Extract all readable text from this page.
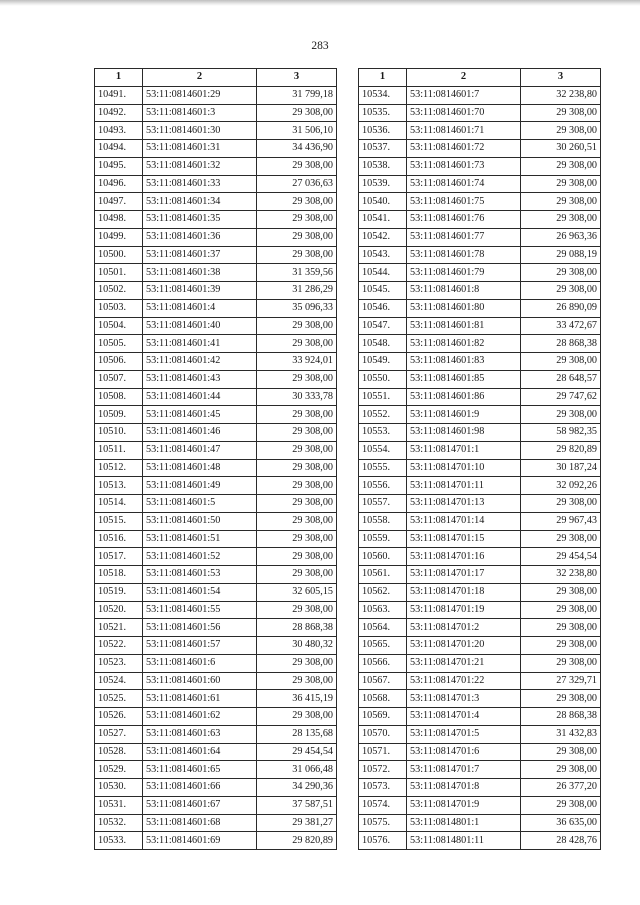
283
1	2	3
10491.	53:11:0814601:29	31 799,18
10492.	53:11:0814601:3	29 308,00
10493.	53:11:0814601:30	31 506,10
10494.	53:11:0814601:31	34 436,90
10495.	53:11:0814601:32	29 308,00
10496.	53:11:0814601:33	27 036,63
10497.	53:11:0814601:34	29 308,00
10498.	53:11:0814601:35	29 308,00
10499.	53:11:0814601:36	29 308,00
10500.	53:11:0814601:37	29 308,00
10501.	53:11:0814601:38	31 359,56
10502.	53:11:0814601:39	31 286,29
10503.	53:11:0814601:4	35 096,33
10504.	53:11:0814601:40	29 308,00
10505.	53:11:0814601:41	29 308,00
10506.	53:11:0814601:42	33 924,01
10507.	53:11:0814601:43	29 308,00
10508.	53:11:0814601:44	30 333,78
10509.	53:11:0814601:45	29 308,00
10510.	53:11:0814601:46	29 308,00
10511.	53:11:0814601:47	29 308,00
10512.	53:11:0814601:48	29 308,00
10513.	53:11:0814601:49	29 308,00
10514.	53:11:0814601:5	29 308,00
10515.	53:11:0814601:50	29 308,00
10516.	53:11:0814601:51	29 308,00
10517.	53:11:0814601:52	29 308,00
10518.	53:11:0814601:53	29 308,00
10519.	53:11:0814601:54	32 605,15
10520.	53:11:0814601:55	29 308,00
10521.	53:11:0814601:56	28 868,38
10522.	53:11:0814601:57	30 480,32
10523.	53:11:0814601:6	29 308,00
10524.	53:11:0814601:60	29 308,00
10525.	53:11:0814601:61	36 415,19
10526.	53:11:0814601:62	29 308,00
10527.	53:11:0814601:63	28 135,68
10528.	53:11:0814601:64	29 454,54
10529.	53:11:0814601:65	31 066,48
10530.	53:11:0814601:66	34 290,36
10531.	53:11:0814601:67	37 587,51
10532.	53:11:0814601:68	29 381,27
10533.	53:11:0814601:69	29 820,89
1	2	3
10534.	53:11:0814601:7	32 238,80
10535.	53:11:0814601:70	29 308,00
10536.	53:11:0814601:71	29 308,00
10537.	53:11:0814601:72	30 260,51
10538.	53:11:0814601:73	29 308,00
10539.	53:11:0814601:74	29 308,00
10540.	53:11:0814601:75	29 308,00
10541.	53:11:0814601:76	29 308,00
10542.	53:11:0814601:77	26 963,36
10543.	53:11:0814601:78	29 088,19
10544.	53:11:0814601:79	29 308,00
10545.	53:11:0814601:8	29 308,00
10546.	53:11:0814601:80	26 890,09
10547.	53:11:0814601:81	33 472,67
10548.	53:11:0814601:82	28 868,38
10549.	53:11:0814601:83	29 308,00
10550.	53:11:0814601:85	28 648,57
10551.	53:11:0814601:86	29 747,62
10552.	53:11:0814601:9	29 308,00
10553.	53:11:0814601:98	58 982,35
10554.	53:11:0814701:1	29 820,89
10555.	53:11:0814701:10	30 187,24
10556.	53:11:0814701:11	32 092,26
10557.	53:11:0814701:13	29 308,00
10558.	53:11:0814701:14	29 967,43
10559.	53:11:0814701:15	29 308,00
10560.	53:11:0814701:16	29 454,54
10561.	53:11:0814701:17	32 238,80
10562.	53:11:0814701:18	29 308,00
10563.	53:11:0814701:19	29 308,00
10564.	53:11:0814701:2	29 308,00
10565.	53:11:0814701:20	29 308,00
10566.	53:11:0814701:21	29 308,00
10567.	53:11:0814701:22	27 329,71
10568.	53:11:0814701:3	29 308,00
10569.	53:11:0814701:4	28 868,38
10570.	53:11:0814701:5	31 432,83
10571.	53:11:0814701:6	29 308,00
10572.	53:11:0814701:7	29 308,00
10573.	53:11:0814701:8	26 377,20
10574.	53:11:0814701:9	29 308,00
10575.	53:11:0814801:1	36 635,00
10576.	53:11:0814801:11	28 428,76
